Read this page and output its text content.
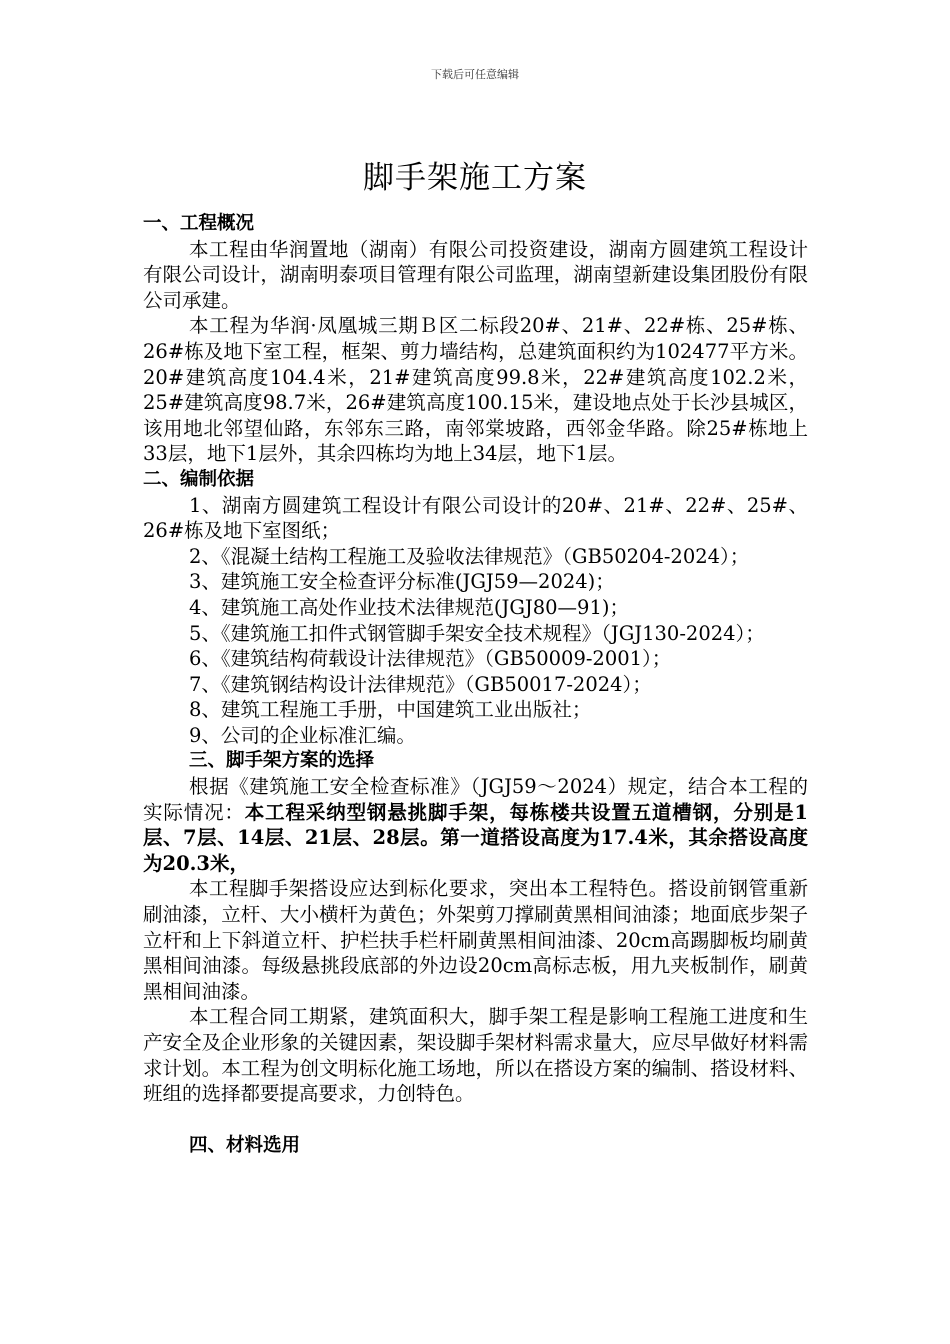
下载后可任意编辑
脚手架施工方案

一、工程概况

本工程由华润置地（湖南）有限公司投资建设，湖南方圆建筑工程设计有限公司设计，湖南明泰项目管理有限公司监理，湖南望新建设集团股份有限公司承建。

本工程为华润·凤凰城三期Ｂ区二标段20#、21#、22#栋、25#栋、26#栋及地下室工程，框架、剪力墙结构，总建筑面积约为102477平方米。20#建筑高度104.4米，21#建筑高度99.8米，22#建筑高度102.2米，25#建筑高度98.7米，26#建筑高度100.15米，建设地点处于长沙县城区，该用地北邻望仙路，东邻东三路，南邻棠坡路，西邻金华路。除25#栋地上33层，地下1层外，其余四栋均为地上34层，地下1层。

二、编制依据

1、湖南方圆建筑工程设计有限公司设计的20#、21#、22#、25#、26#栋及地下室图纸；

2、《混凝土结构工程施工及验收法律规范》（GB50204-2024）；

3、建筑施工安全检查评分标准(JGJ59—2024)；

4、建筑施工高处作业技术法律规范(JGJ80—91)；

5、《建筑施工扣件式钢管脚手架安全技术规程》（JGJ130-2024）；

6、《建筑结构荷载设计法律规范》（GB50009-2001）；

7、《建筑钢结构设计法律规范》（GB50017-2024）；

8、建筑工程施工手册，中国建筑工业出版社；

9、公司的企业标准汇编。

三、脚手架方案的选择

根据《建筑施工安全检查标准》（JGJ59～2024）规定，结合本工程的实际情况：本工程采纳型钢悬挑脚手架，每栋楼共设置五道槽钢，分别是1层、7层、14层、21层、28层。第一道搭设高度为17.4米，其余搭设高度为20.3米，

本工程脚手架搭设应达到标化要求，突出本工程特色。搭设前钢管重新刷油漆，立杆、大小横杆为黄色；外架剪刀撑刷黄黑相间油漆；地面底步架子立杆和上下斜道立杆、护栏扶手栏杆刷黄黑相间油漆、20cm高踢脚板均刷黄黑相间油漆。每级悬挑段底部的外边设20cm高标志板，用九夹板制作，刷黄黑相间油漆。

本工程合同工期紧，建筑面积大，脚手架工程是影响工程施工进度和生产安全及企业形象的关键因素，架设脚手架材料需求量大，应尽早做好材料需求计划。本工程为创文明标化施工场地，所以在搭设方案的编制、搭设材料、班组的选择都要提高要求，力创特色。

四、材料选用
